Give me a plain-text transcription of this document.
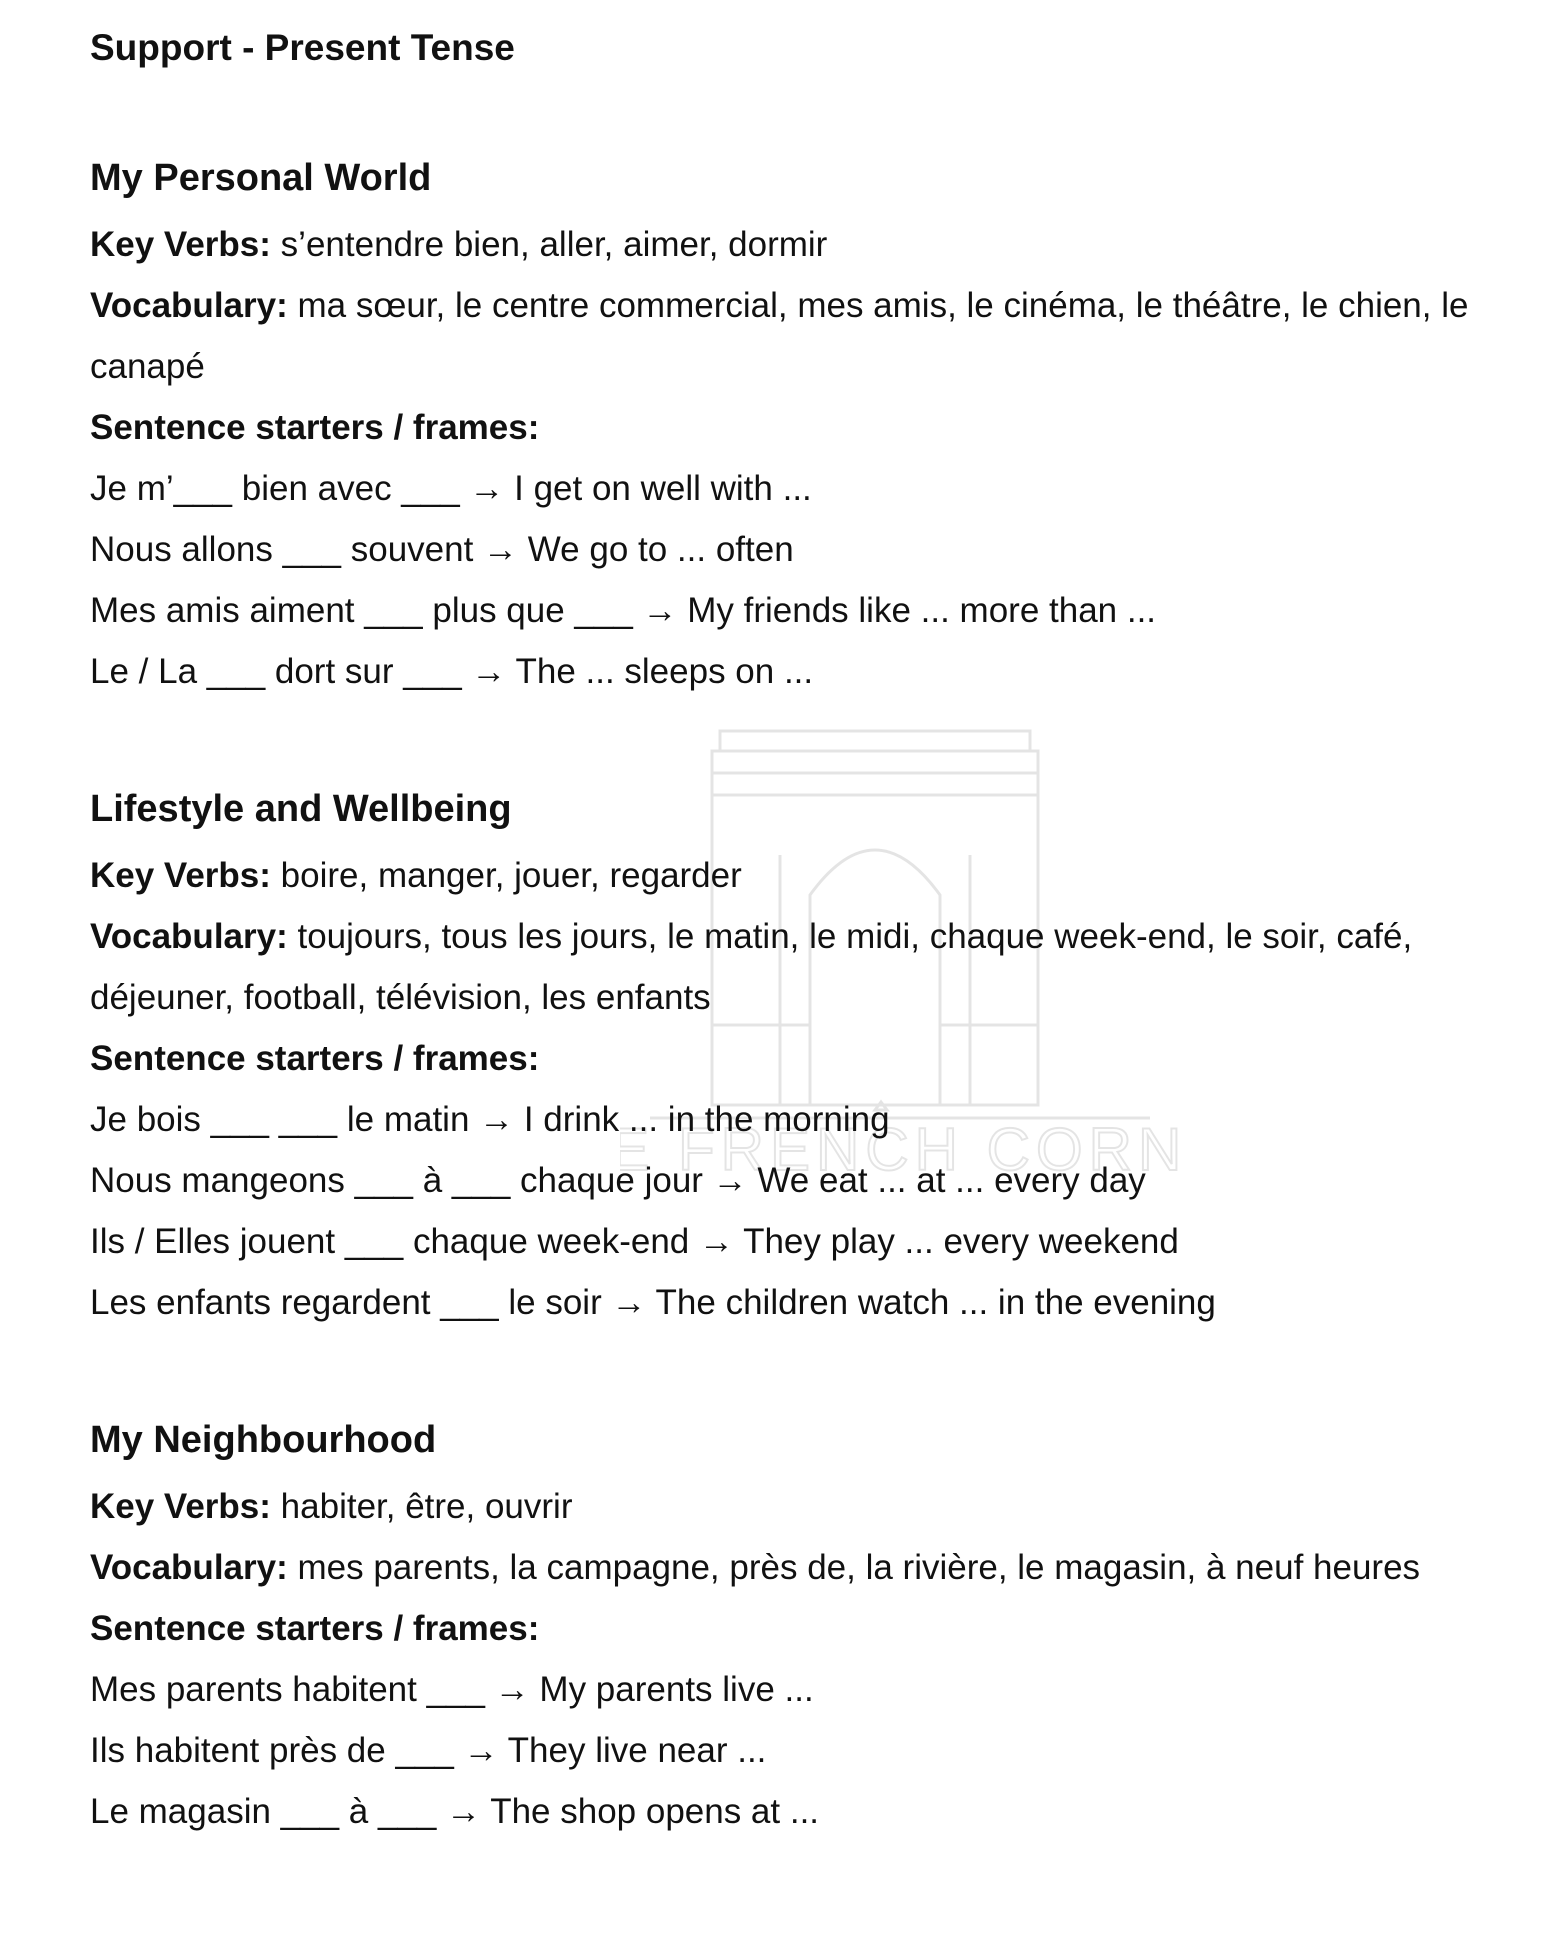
E FRENCH CORN
Support - Present Tense
My Personal World

Key Verbs: s’entendre bien, aller, aimer, dormir

Vocabulary: ma sœur, le centre commercial, mes amis, le cinéma, le théâtre, le chien, le

canapé

Sentence starters / frames:

Je m’___ bien avec ___ → I get on well with ...

Nous allons ___ souvent → We go to ... often

Mes amis aiment ___ plus que ___ → My friends like ... more than ...

Le / La ___ dort sur ___ → The ... sleeps on ...

Lifestyle and Wellbeing

Key Verbs: boire, manger, jouer, regarder

Vocabulary: toujours, tous les jours, le matin, le midi, chaque week-end, le soir, café,

déjeuner, football, télévision, les enfants

Sentence starters / frames:

Je bois ___ ___ le matin → I drink ... in the morning

Nous mangeons ___ à ___ chaque jour → We eat ... at ... every day

Ils / Elles jouent ___ chaque week-end → They play ... every weekend

Les enfants regardent ___ le soir → The children watch ... in the evening

My Neighbourhood

Key Verbs: habiter, être, ouvrir

Vocabulary: mes parents, la campagne, près de, la rivière, le magasin, à neuf heures

Sentence starters / frames:

Mes parents habitent ___ → My parents live ...

Ils habitent près de ___ → They live near ...

Le magasin ___ à ___ → The shop opens at ...
